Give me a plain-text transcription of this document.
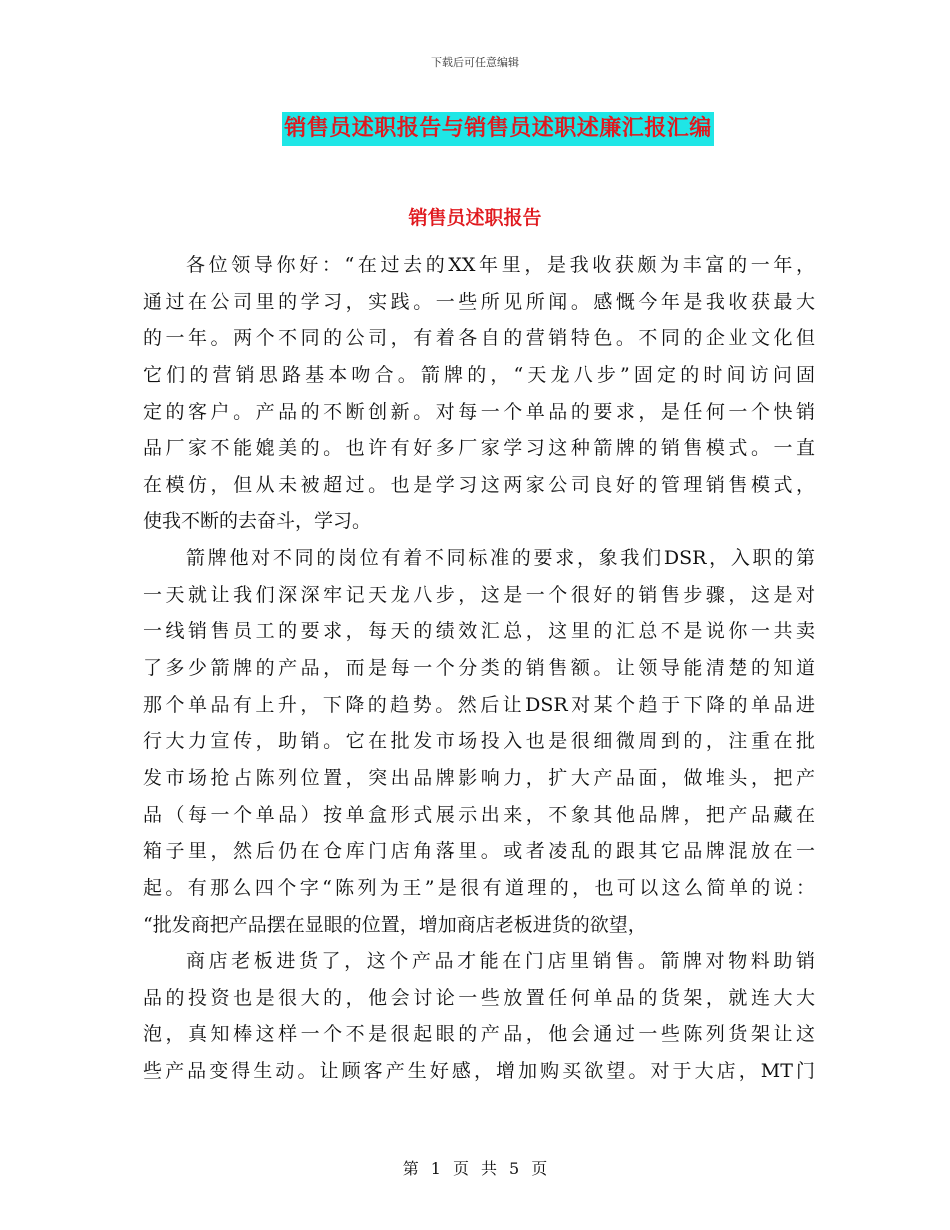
下载后可任意编辑
销售员述职报告与销售员述职述廉汇报汇编
销售员述职报告
各位领导你好：“在过去的XX年里，是我收获颇为丰富的一年，
通过在公司里的学习，实践。一些所见所闻。感慨今年是我收获最大
的一年。两个不同的公司，有着各自的营销特色。不同的企业文化但
它们的营销思路基本吻合。箭牌的，“天龙八步”固定的时间访问固
定的客户。产品的不断创新。对每一个单品的要求，是任何一个快销
品厂家不能媲美的。也许有好多厂家学习这种箭牌的销售模式。一直
在模仿，但从未被超过。也是学习这两家公司良好的管理销售模式，
使我不断的去奋斗，学习。
箭牌他对不同的岗位有着不同标准的要求，象我们DSR，入职的第
一天就让我们深深牢记天龙八步，这是一个很好的销售步骤，这是对
一线销售员工的要求，每天的绩效汇总，这里的汇总不是说你一共卖
了多少箭牌的产品，而是每一个分类的销售额。让领导能清楚的知道
那个单品有上升，下降的趋势。然后让DSR对某个趋于下降的单品进
行大力宣传，助销。它在批发市场投入也是很细微周到的，注重在批
发市场抢占陈列位置，突出品牌影响力，扩大产品面，做堆头，把产
品（每一个单品）按单盒形式展示出来，不象其他品牌，把产品藏在
箱子里，然后仍在仓库门店角落里。或者凌乱的跟其它品牌混放在一
起。有那么四个字“陈列为王”是很有道理的，也可以这么简单的说：
“批发商把产品摆在显眼的位置，增加商店老板进货的欲望，
商店老板进货了，这个产品才能在门店里销售。箭牌对物料助销
品的投资也是很大的，他会讨论一些放置任何单品的货架，就连大大
泡，真知棒这样一个不是很起眼的产品，他会通过一些陈列货架让这
些产品变得生动。让顾客产生好感，增加购买欲望。对于大店，MT门
第 1 页 共 5 页
